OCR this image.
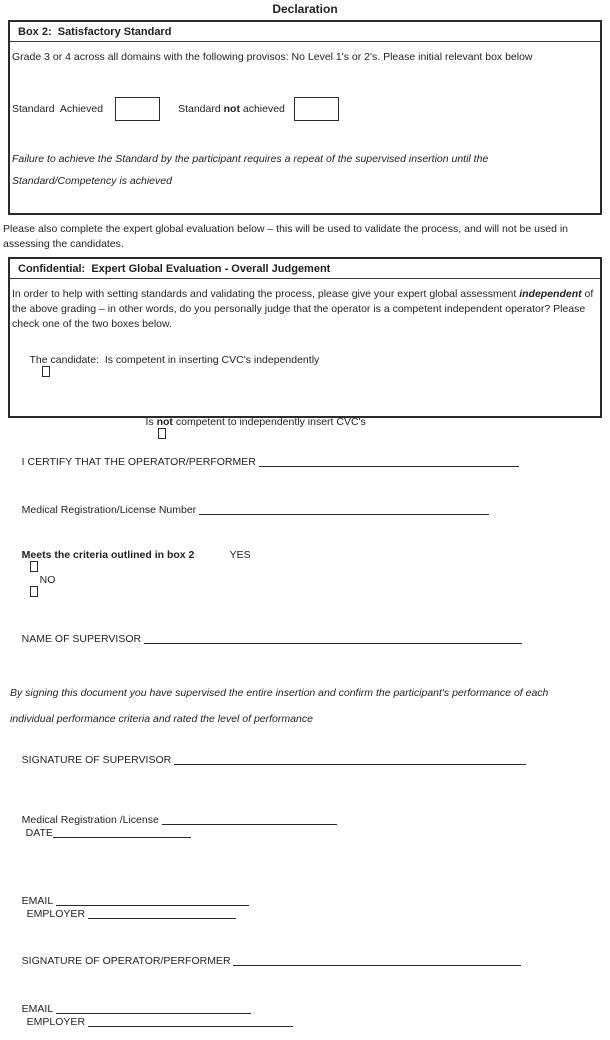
Declaration
Box 2:  Satisfactory Standard
Grade 3 or 4 across all domains with the following provisos: No Level 1's or 2's. Please initial relevant box below
Standard  Achieved	Standard not achieved
Failure to achieve the Standard by the participant requires a repeat of the supervised insertion until the Standard/Competency is achieved
Please also complete the expert global evaluation below – this will be used to validate the process, and will not be used in assessing the candidates.
Confidential:  Expert Global Evaluation - Overall Judgement
In order to help with setting standards and validating the process, please give your expert global assessment independent of the above grading – in other words, do you personally judge that the operator is a competent independent operator? Please check one of the two boxes below.

The candidate:  Is competent in inserting CVC's independently

Is not competent to independently insert CVC's

I CERTIFY THAT THE OPERATOR/PERFORMER

Medical Registration/License Number

Meets the criteria outlined in box 2	YES

NO

NAME OF SUPERVISOR

By signing this document you have supervised the entire insertion and confirm the participant's performance of each individual performance criteria and rated the level of performance

SIGNATURE OF SUPERVISOR

Medical Registration /License
DATE

EMAIL
EMPLOYER

SIGNATURE OF OPERATOR/PERFORMER

EMAIL
EMPLOYER
